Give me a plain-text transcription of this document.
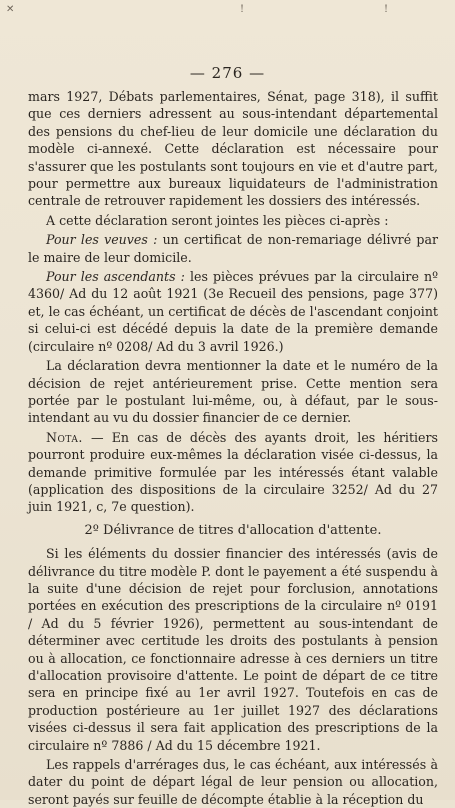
✕	!	!
— 276 —

mars 1927, Débats parlementaires, Sénat, page 318), il suffit que ces derniers adressent au sous-intendant départemental des pensions du chef-lieu de leur domicile une déclaration du modèle ci-annexé. Cette déclaration est nécessaire pour s'assurer que les postulants sont toujours en vie et d'autre part, pour permettre aux bureaux liquidateurs de l'administration centrale de retrouver rapidement les dossiers des intéressés.

A cette déclaration seront jointes les pièces ci-après :

Pour les veuves : un certificat de non-remariage délivré par le maire de leur domicile.

Pour les ascendants : les pièces prévues par la circulaire nº 4360/ Ad du 12 août 1921 (3e Recueil des pensions, page 377) et, le cas échéant, un certificat de décès de l'ascendant conjoint si celui-ci est décédé depuis la date de la première demande (circulaire nº 0208/ Ad du 3 avril 1926.)

La déclaration devra mentionner la date et le numéro de la décision de rejet antérieurement prise. Cette mention sera portée par le postulant lui-même, ou, à défaut, par le sous-intendant au vu du dossier financier de ce dernier.

Nota. — En cas de décès des ayants droit, les héritiers pourront produire eux-mêmes la déclaration visée ci-dessus, la demande primitive formulée par les intéressés étant valable (application des dispositions de la circulaire 3252/ Ad du 27 juin 1921, c, 7e question).

2º Délivrance de titres d'allocation d'attente.

Si les éléments du dossier financier des intéressés (avis de délivrance du titre modèle P. dont le payement a été suspendu à la suite d'une décision de rejet pour forclusion, annotations portées en exécution des prescriptions de la circulaire nº 0191 / Ad du 5 février 1926), permettent au sous-intendant de déterminer avec certitude les droits des postulants à pension ou à allocation, ce fonctionnaire adresse à ces derniers un titre d'allocation provisoire d'attente. Le point de départ de ce titre sera en principe fixé au 1er avril 1927. Toutefois en cas de production postérieure au 1er juillet 1927 des déclarations visées ci-dessus il sera fait application des prescriptions de la circulaire nº 7886 / Ad du 15 décembre 1921.

Les rappels d'arrérages dus, le cas échéant, aux intéressés à dater du point de départ légal de leur pension ou allocation, seront payés sur feuille de décompte établie à la réception du
